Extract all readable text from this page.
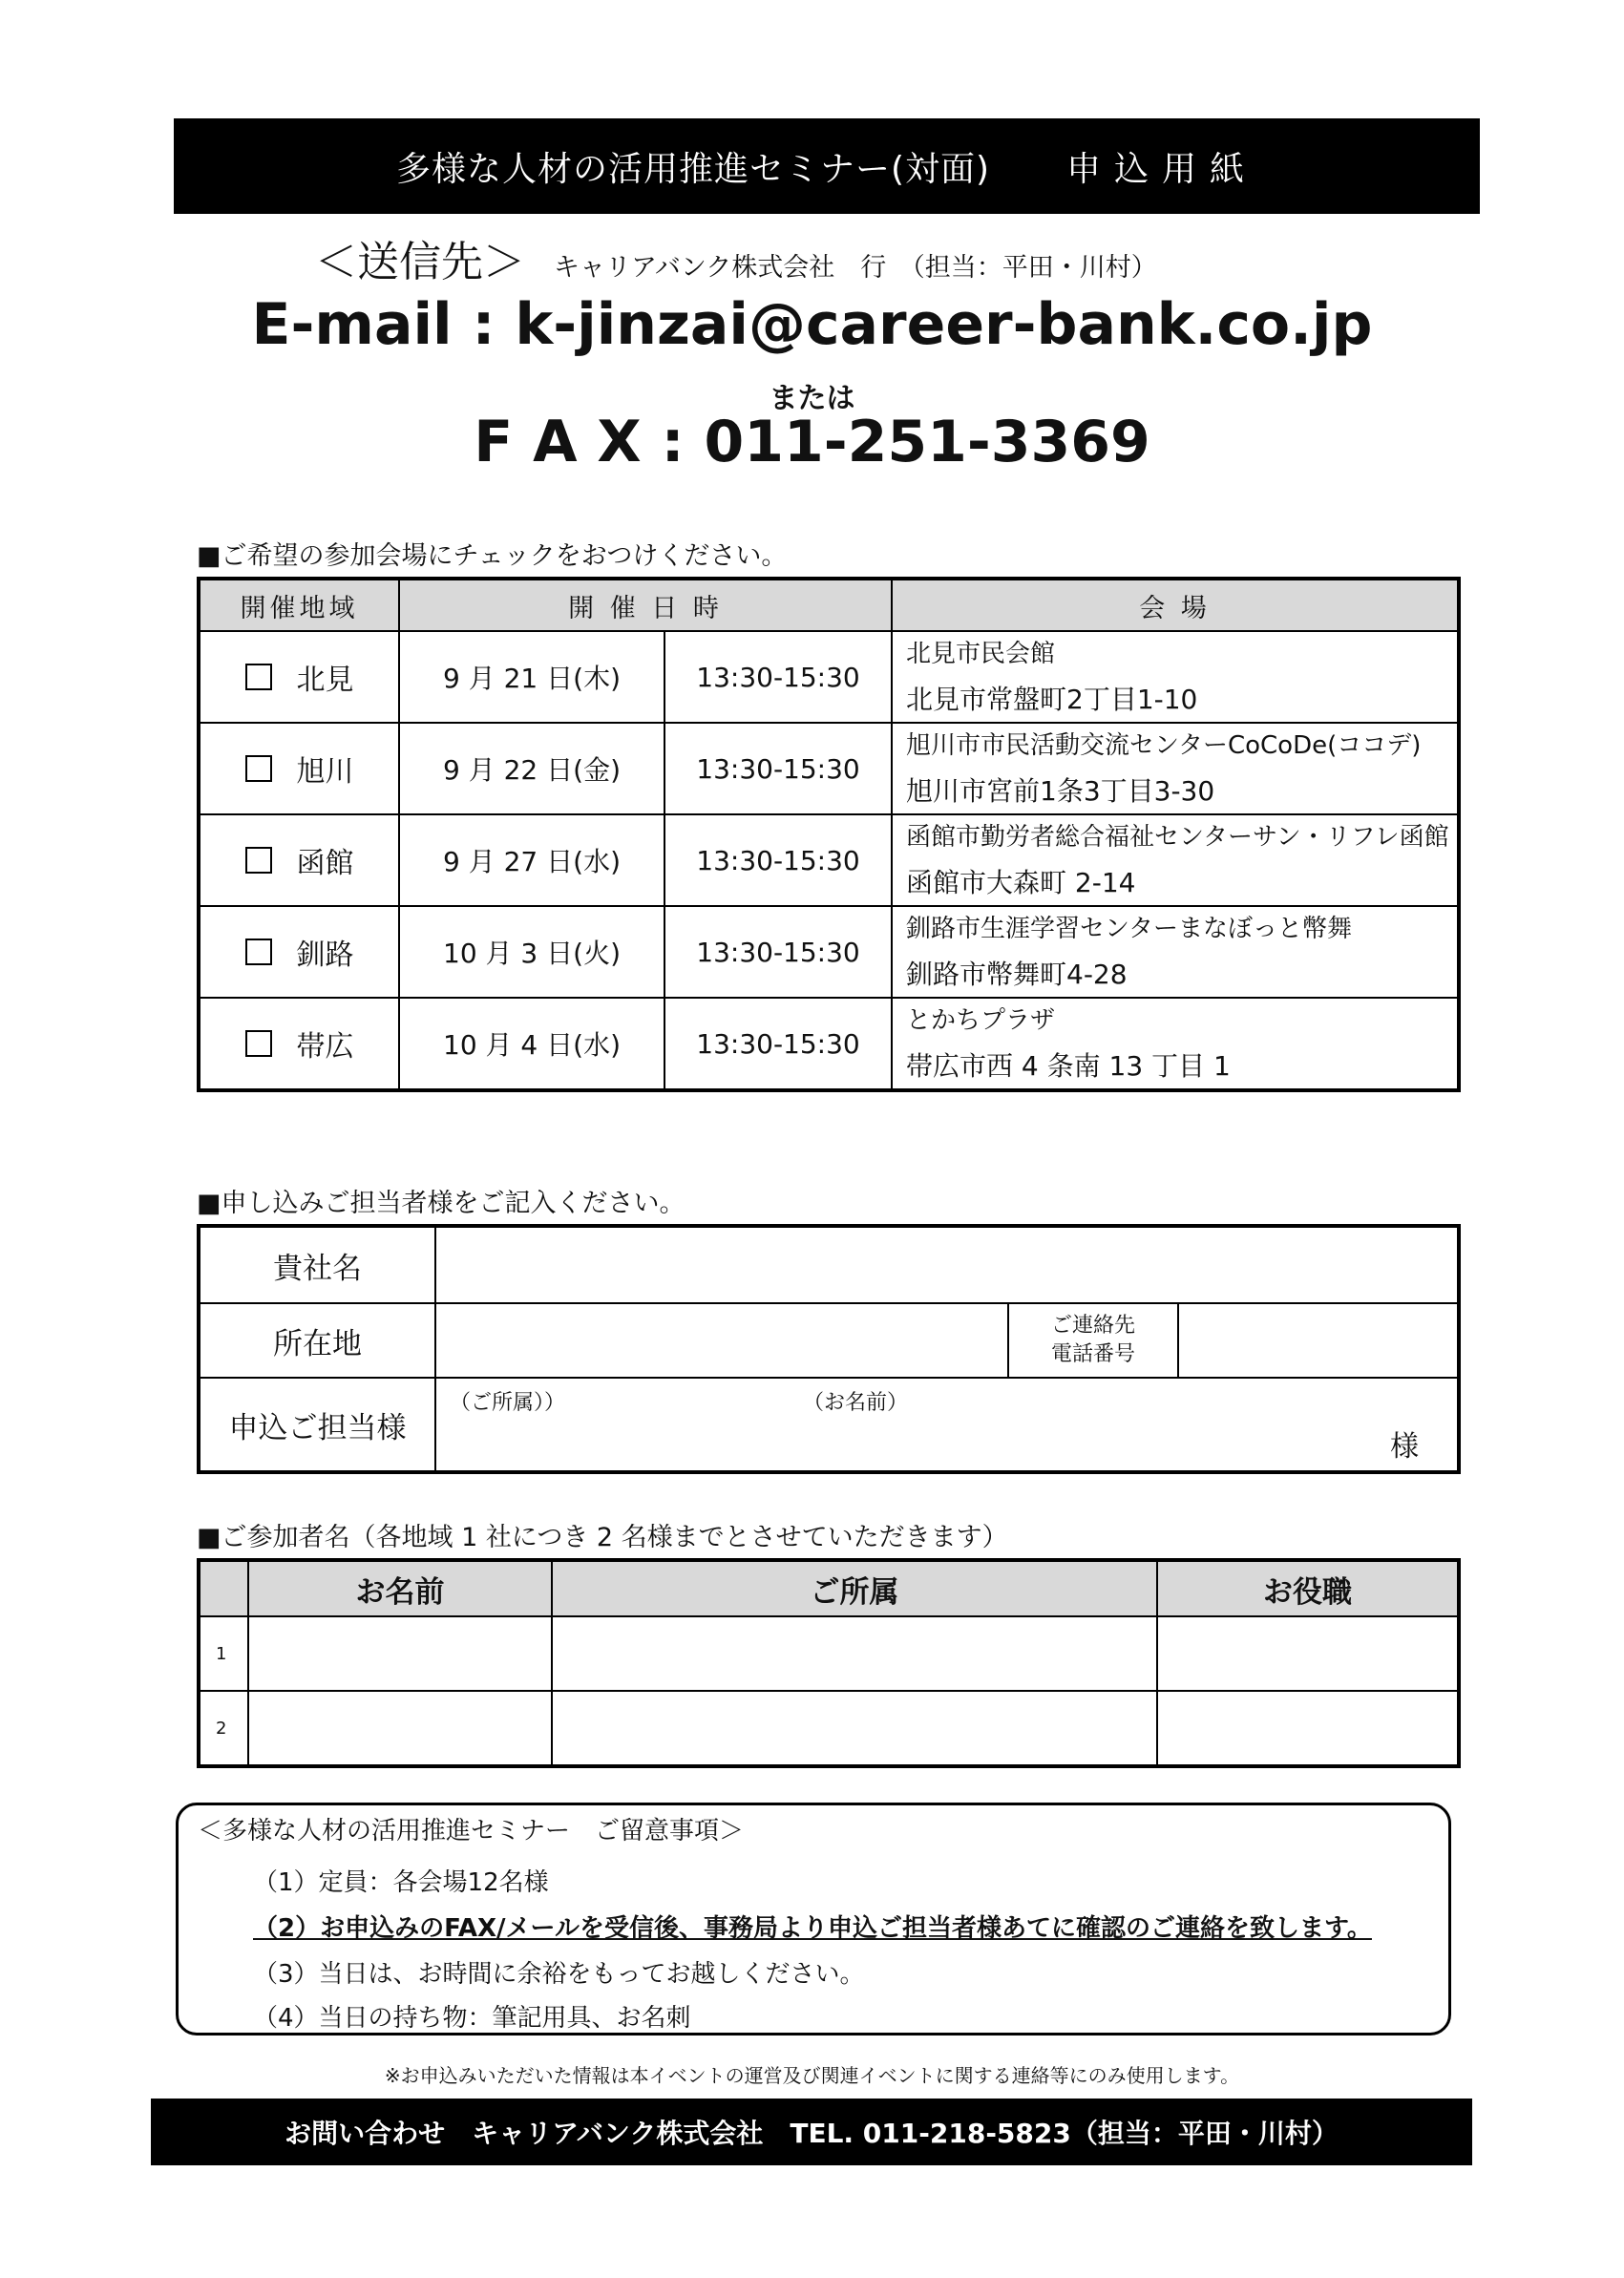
多様な人材の活用推進セミナー(対面) 申込用紙
＜送信先＞ キャリアバンク株式会社　行　（担当：平田・川村）
E-mail : k-jinzai@career-bank.co.jp
または
F A X : 011-251-3369
■ご希望の参加会場にチェックをおつけください。
開催地域	開 催 日 時		会 場
北見	9 月 21 日(木)	13:30-15:30	北見市民会館
北見市常盤町2丁目1-10

旭川	9 月 22 日(金)	13:30-15:30	旭川市市民活動交流センターCoCoDe(ココデ)
旭川市宮前1条3丁目3-30

函館	9 月 27 日(水)	13:30-15:30	函館市勤労者総合福祉センターサン・リフレ函館
函館市大森町 2-14

釧路	10 月 3 日(火)	13:30-15:30	釧路市生涯学習センターまなぼっと幣舞
釧路市幣舞町4-28

帯広	10 月 4 日(水)	13:30-15:30	とかちプラザ
帯広市西 4 条南 13 丁目 1
■申し込みご担当者様をご記入ください。
貴社名			
所在地		ご連絡先
電話番号	

申込ご担当様	（ご所属）） （お名前）
様		
■ご参加者名（各地域 1 社につき 2 名様までとさせていただきます）
	お名前	ご所属	お役職
1			
2			
＜多様な人材の活用推進セミナー　ご留意事項＞
（1）定員：各会場12名様
（2）お申込みのFAX/メールを受信後、事務局より申込ご担当者様あてに確認のご連絡を致します。
（3）当日は、お時間に余裕をもってお越しください。
（4）当日の持ち物：筆記用具、お名刺
※お申込みいただいた情報は本イベントの運営及び関連イベントに関する連絡等にのみ使用します。
お問い合わせ キャリアバンク株式会社 TEL. 011-218-5823（担当：平田・川村）
